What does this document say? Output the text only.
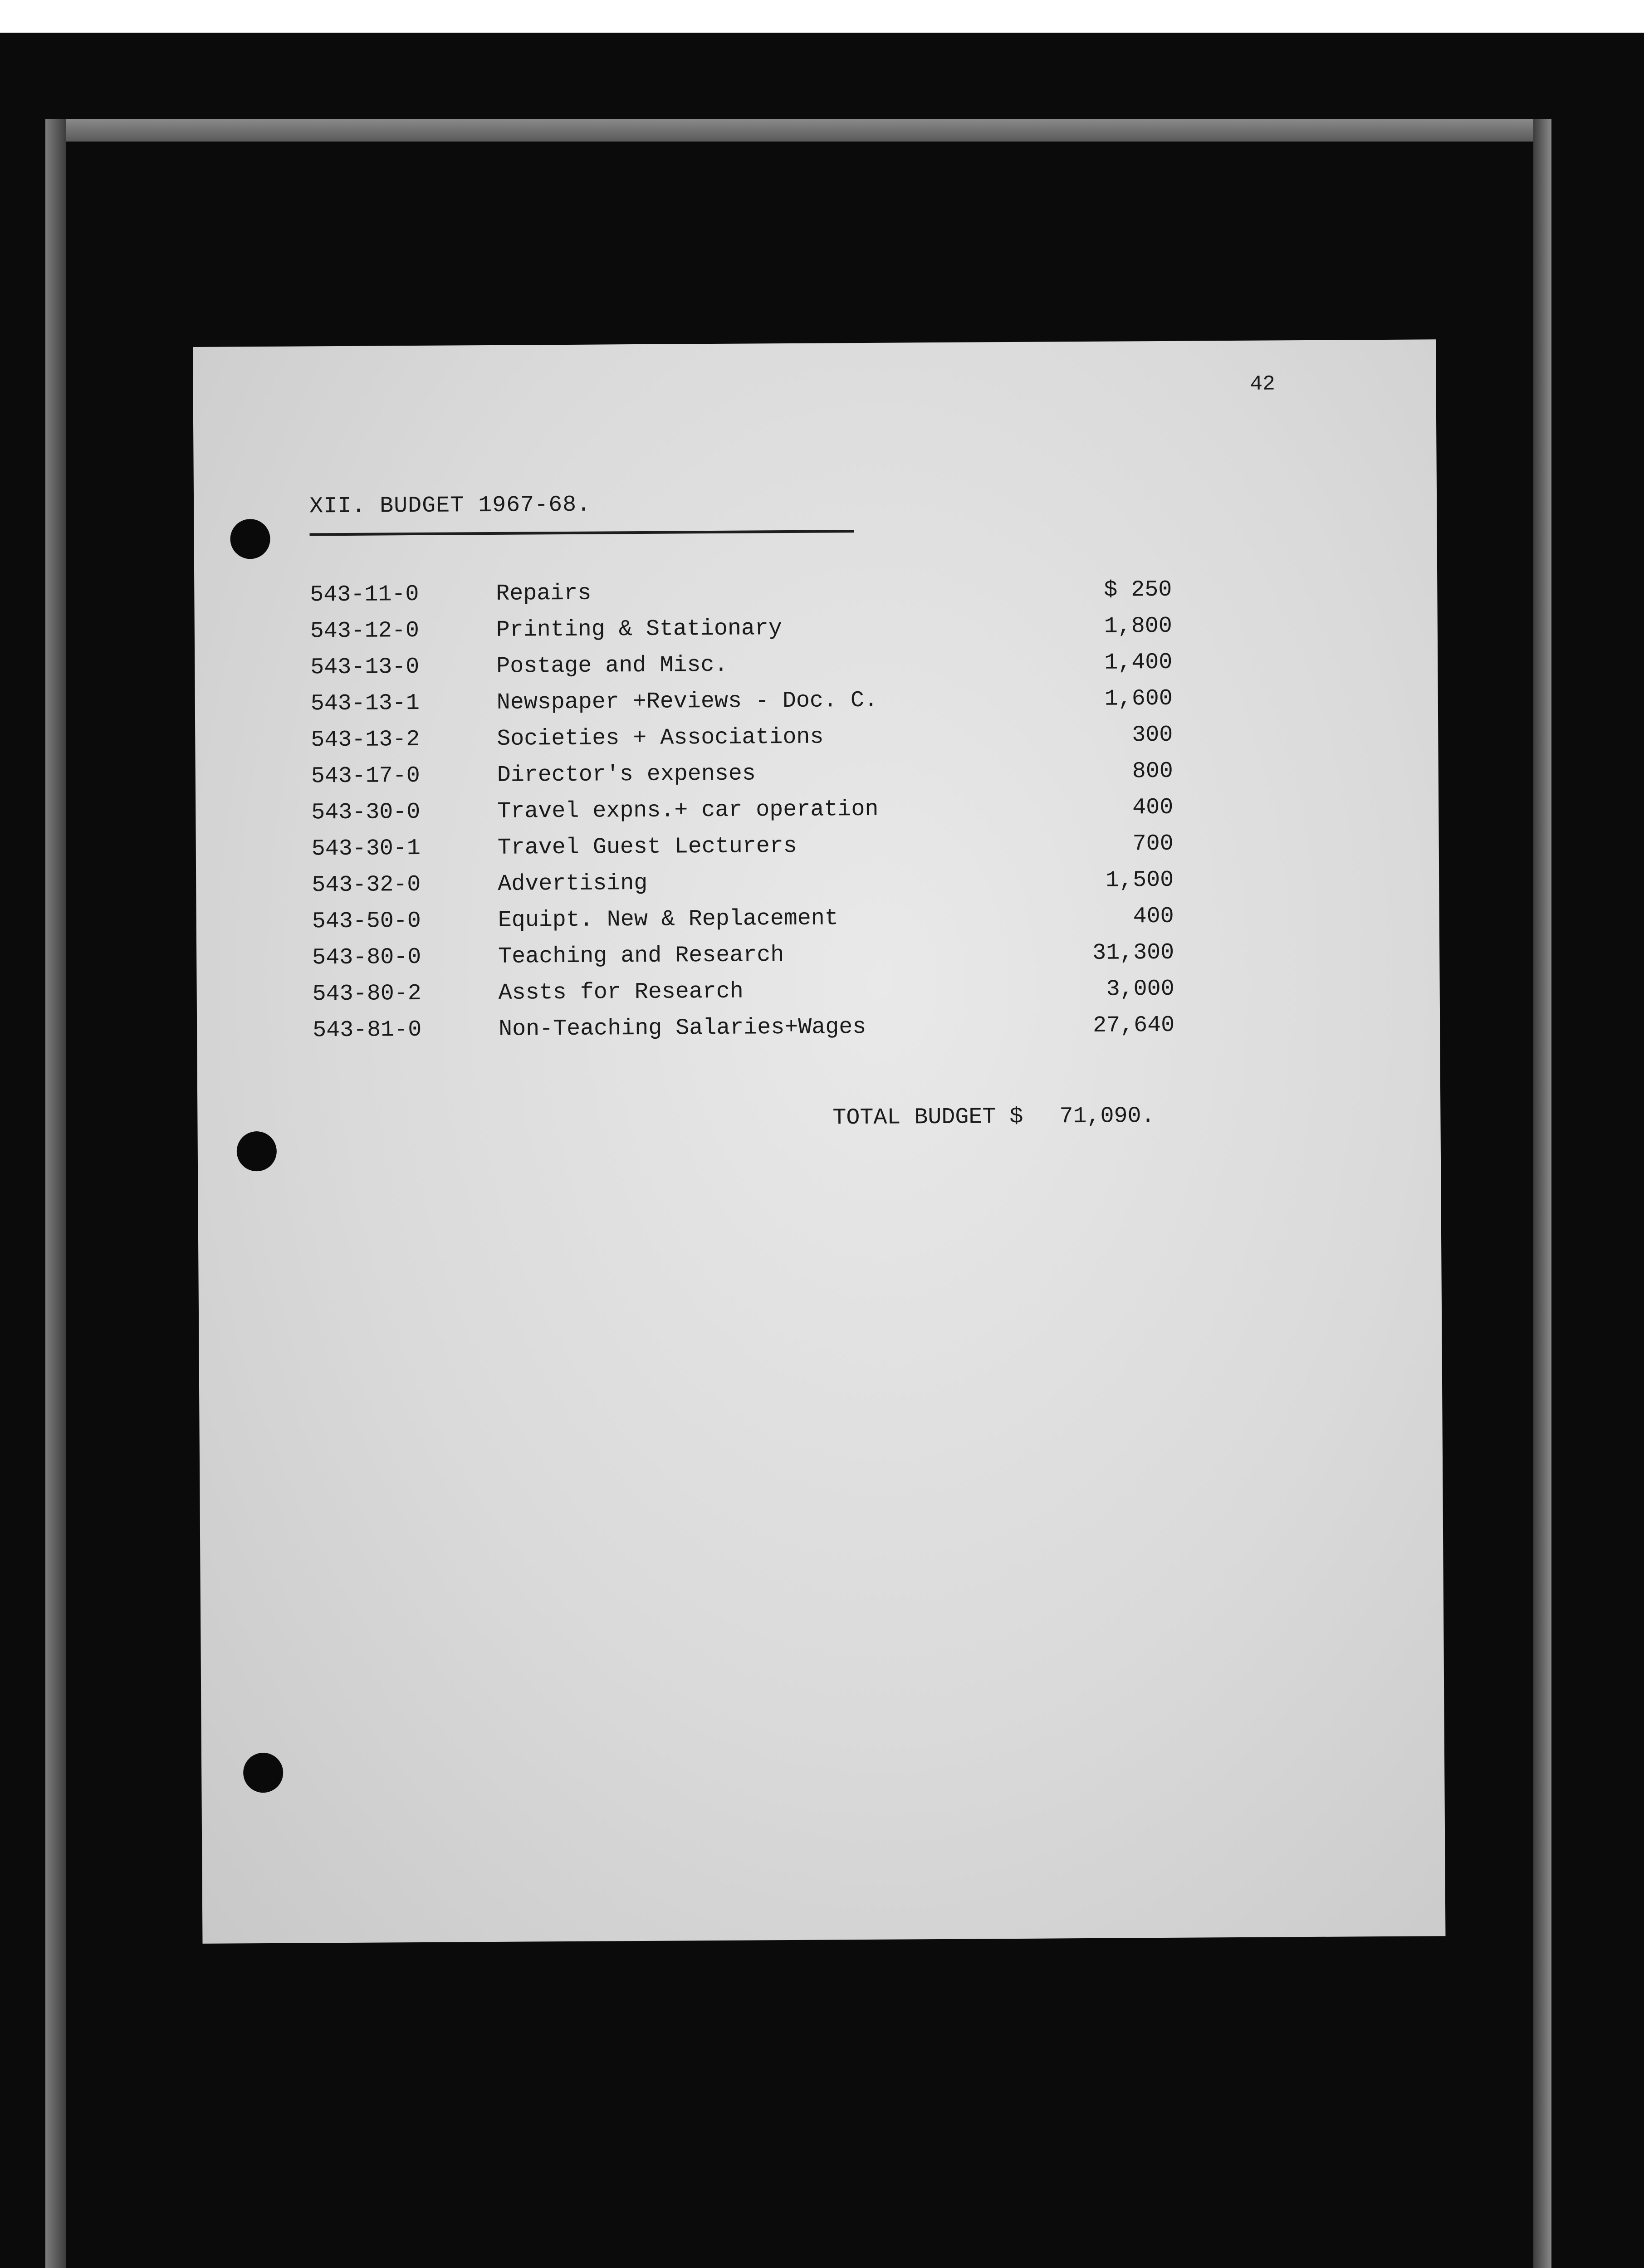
42
XII. BUDGET 1967-68.
543-11-0	Repairs	$ 250
543-12-0	Printing & Stationary	1,800
543-13-0	Postage and Misc.	1,400
543-13-1	Newspaper +Reviews - Doc. C.	1,600
543-13-2	Societies + Associations	300
543-17-0	Director's expenses	800
543-30-0	Travel expns.+ car operation	400
543-30-1	Travel Guest Lecturers	700
543-32-0	Advertising	1,500
543-50-0	Equipt. New & Replacement	400
543-80-0	Teaching and Research	31,300
543-80-2	Assts for Research	3,000
543-81-0	Non-Teaching Salaries+Wages	27,640
TOTAL BUDGET $ 71,090.
